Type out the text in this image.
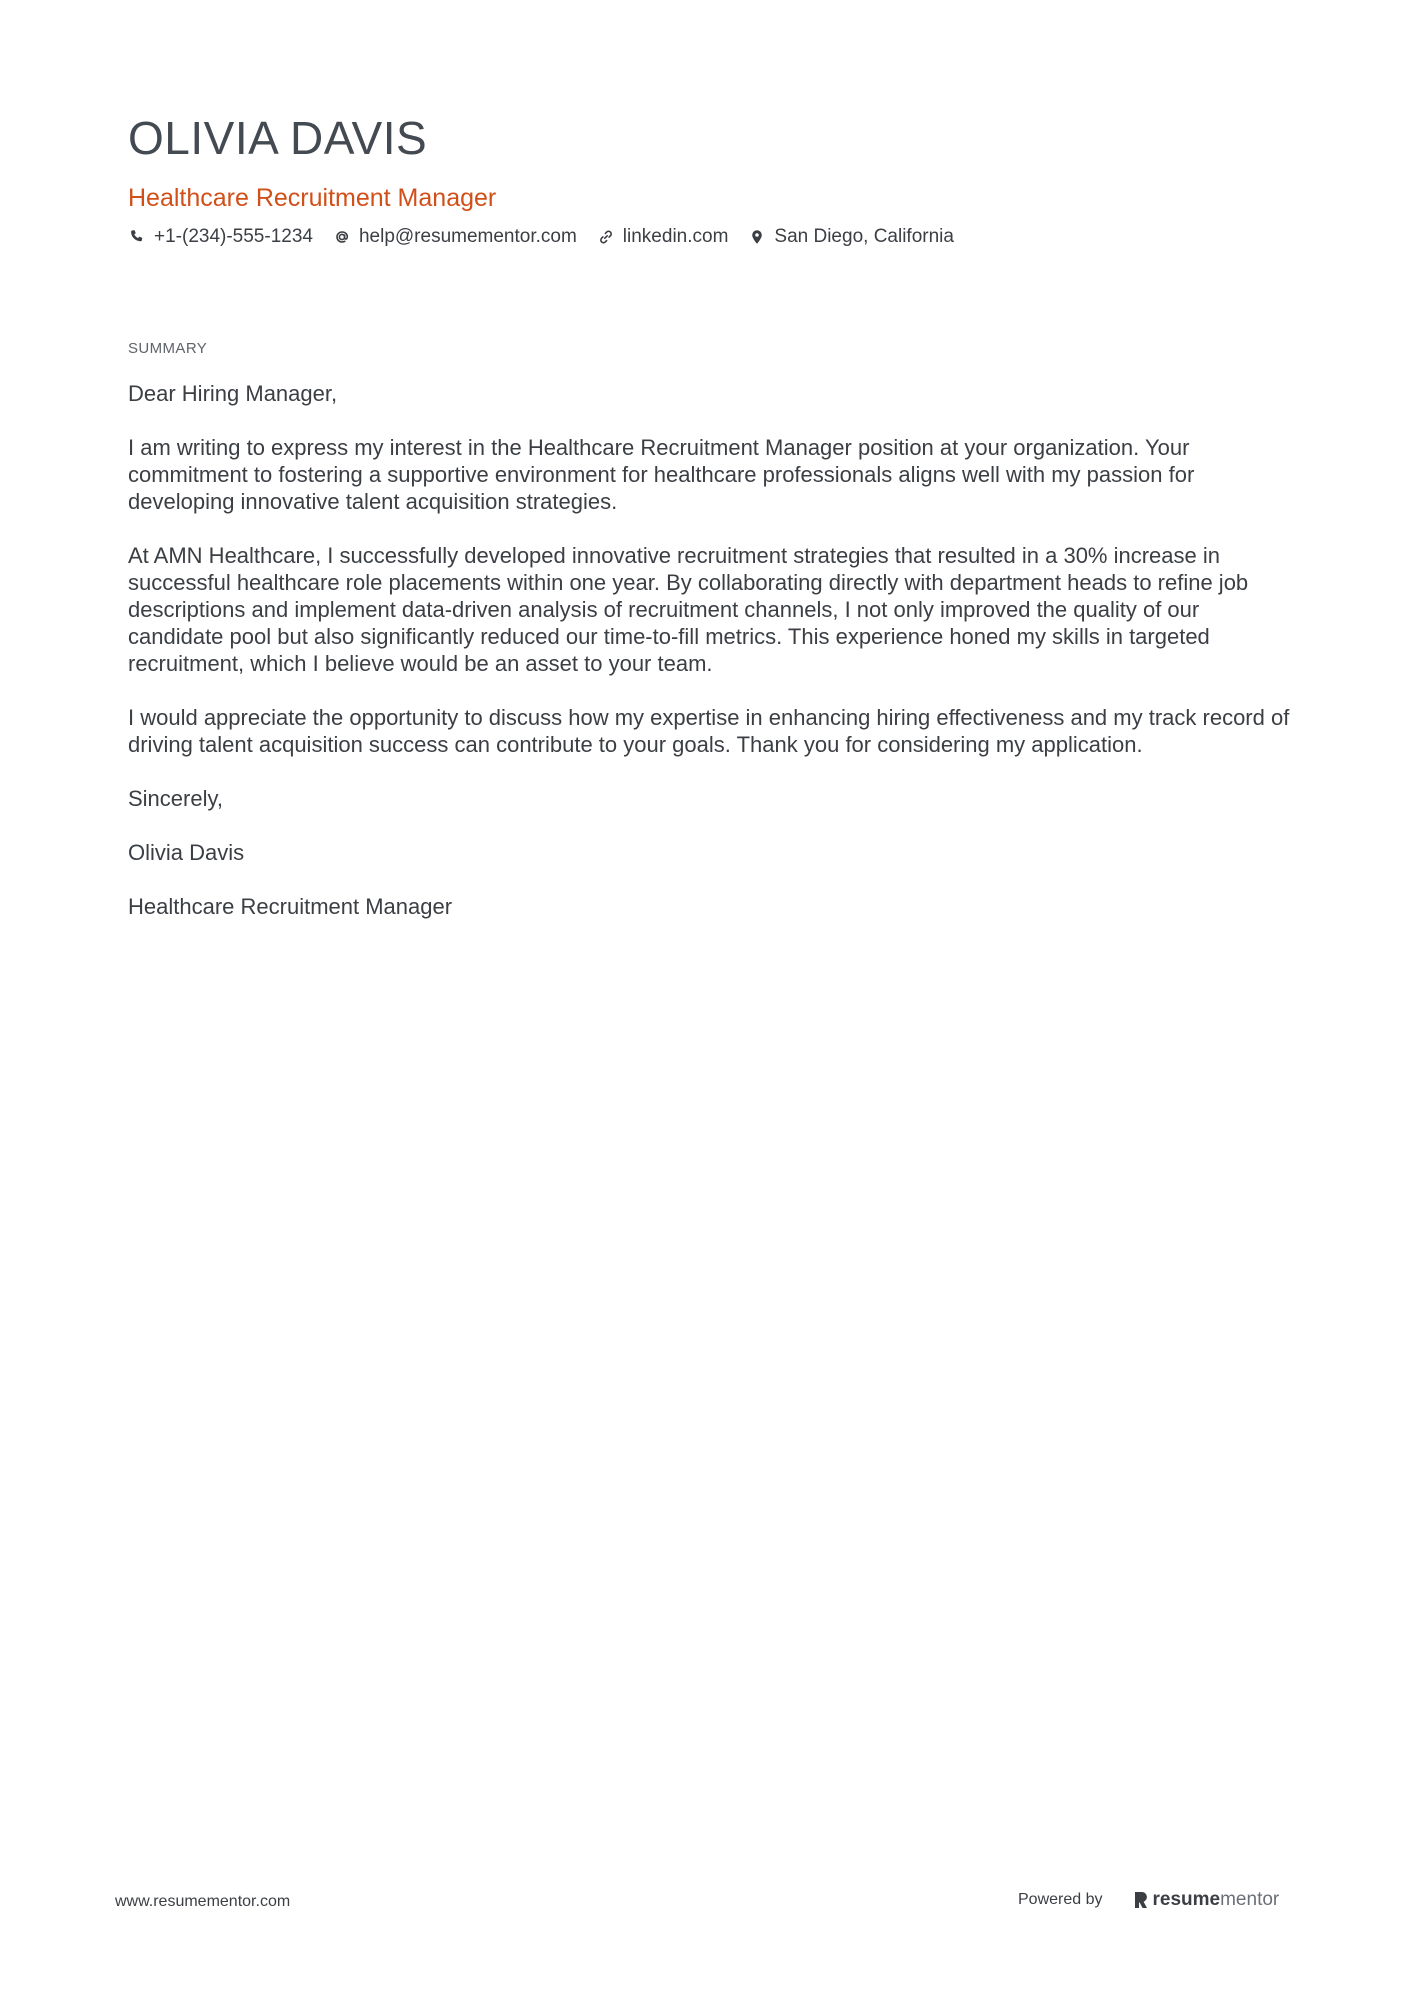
OLIVIA DAVIS
Healthcare Recruitment Manager
+1-(234)-555-1234 help@resumementor.com linkedin.com San Diego, California
SUMMARY

Dear Hiring Manager,

I am writing to express my interest in the Healthcare Recruitment Manager position at your organization. Your commitment to fostering a supportive environment for healthcare professionals aligns well with my passion for developing innovative talent acquisition strategies.

At AMN Healthcare, I successfully developed innovative recruitment strategies that resulted in a 30% increase in successful healthcare role placements within one year. By collaborating directly with department heads to refine job descriptions and implement data-driven analysis of recruitment channels, I not only improved the quality of our candidate pool but also significantly reduced our time-to-fill metrics. This experience honed my skills in targeted recruitment, which I believe would be an asset to your team.

I would appreciate the opportunity to discuss how my expertise in enhancing hiring effectiveness and my track record of driving talent acquisition success can contribute to your goals. Thank you for considering my application.

Sincerely,

Olivia Davis

Healthcare Recruitment Manager

www.resumementor.com	Powered by	resume mentor
